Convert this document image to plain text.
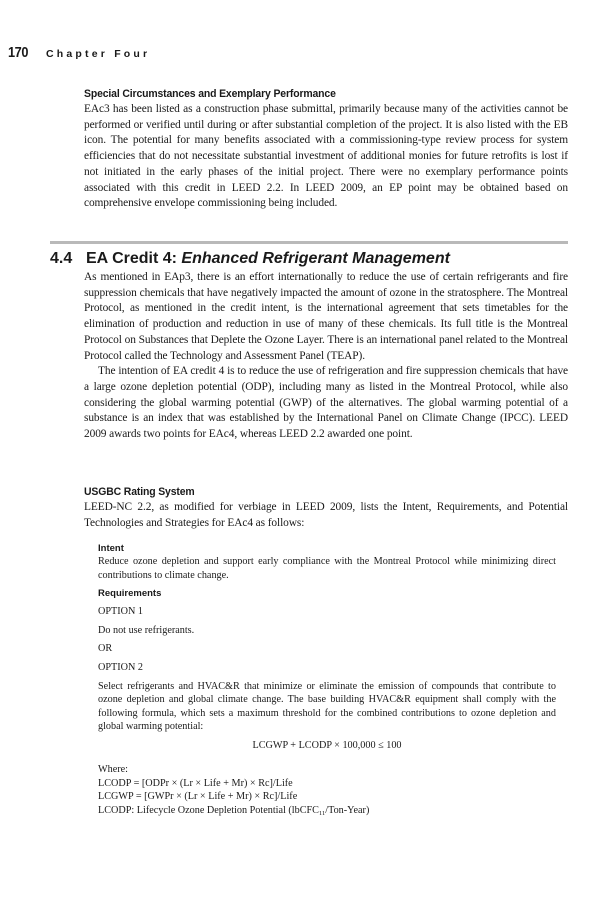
170	Chapter Four

Special Circumstances and Exemplary Performance

EAc3 has been listed as a construction phase submittal, primarily because many of the activities cannot be performed or verified until during or after substantial completion of the project. It is also listed with the EB icon. The potential for many benefits associated with a commissioning-type review process for system efficiencies that do not necessitate substantial investment of additional monies for future retrofits is lost if not initiated in the early phases of the initial project. There were no exemplary performance points associated with this credit in LEED 2.2. In LEED 2009, an EP point may be obtained based on comprehensive envelope commissioning being included.

4.4 EA Credit 4: Enhanced Refrigerant Management

As mentioned in EAp3, there is an effort internationally to reduce the use of certain refrigerants and fire suppression chemicals that have negatively impacted the amount of ozone in the stratosphere. The Montreal Protocol, as mentioned in the credit intent, is the international agreement that sets timetables for the elimination of production and reduction in use of many of these chemicals. Its full title is the Montreal Protocol on Substances that Deplete the Ozone Layer. There is an international panel related to the Montreal Protocol called the Technology and Assessment Panel (TEAP).

The intention of EA credit 4 is to reduce the use of refrigeration and fire suppression chemicals that have a large ozone depletion potential (ODP), including many as listed in the Montreal Protocol, while also considering the global warming potential (GWP) of the alternatives. The global warming potential of a substance is an index that was established by the International Panel on Climate Change (IPCC). LEED 2009 awards two points for EAc4, whereas LEED 2.2 awarded one point.

USGBC Rating System

LEED-NC 2.2, as modified for verbiage in LEED 2009, lists the Intent, Requirements, and Potential Technologies and Strategies for EAc4 as follows:

Intent

Reduce ozone depletion and support early compliance with the Montreal Protocol while minimizing direct contributions to climate change.

Requirements

OPTION 1

Do not use refrigerants.

OR

OPTION 2

Select refrigerants and HVAC&R that minimize or eliminate the emission of compounds that contribute to ozone depletion and global climate change. The base building HVAC&R equipment shall comply with the following formula, which sets a maximum threshold for the combined contributions to ozone depletion and global warming potential:

LCGWP + LCODP × 100,000 ≤ 100

Where:

LCODP = [ODPr × (Lr × Life + Mr) × Rc]/Life

LCGWP = [GWPr × (Lr × Life + Mr) × Rc]/Life

LCODP: Lifecycle Ozone Depletion Potential (lbCFC$_{11}$/Ton-Year)
